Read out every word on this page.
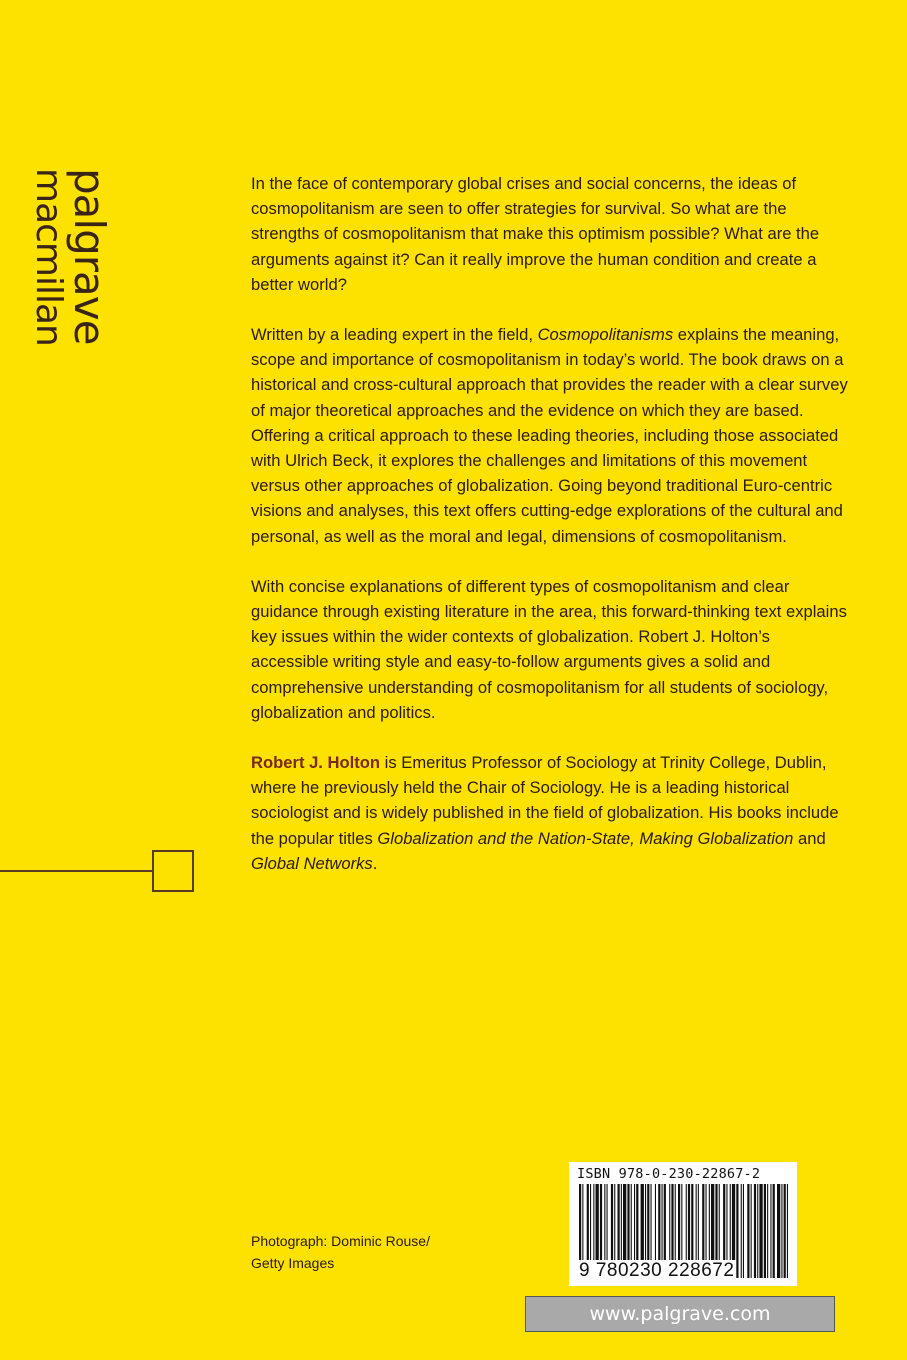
palgrave
macmillan	In the face of contemporary global crises and social concerns, the ideas of cosmopolitanism are seen to offer strategies for survival. So what are the strengths of cosmopolitanism that make this optimism possible? What are the arguments against it? Can it really improve the human condition and create a better world?

Written by a leading expert in the field, Cosmopolitanisms explains the meaning, scope and importance of cosmopolitanism in today’s world. The book draws on a historical and cross-cultural approach that provides the reader with a clear survey of major theoretical approaches and the evidence on which they are based. Offering a critical approach to these leading theories, including those associated with Ulrich Beck, it explores the challenges and limitations of this movement versus other approaches of globalization. Going beyond traditional Euro-centric visions and analyses, this text offers cutting-edge explorations of the cultural and personal, as well as the moral and legal, dimensions of cosmopolitanism.

With concise explanations of different types of cosmopolitanism and clear guidance through existing literature in the area, this forward-thinking text explains key issues within the wider contexts of globalization. Robert J. Holton’s accessible writing style and easy-to-follow arguments gives a solid and comprehensive understanding of cosmopolitanism for all students of sociology, globalization and politics.

Robert J. Holton is Emeritus Professor of Sociology at Trinity College, Dublin, where he previously held the Chair of Sociology. He is a leading historical sociologist and is widely published in the field of globalization. His books include the popular titles Globalization and the Nation-State, Making Globalization and Global Networks.

Photograph: Dominic Rouse/
Getty Images
ISBN 978-0-230-22867-2
9 780230 228672
www.palgrave.com
